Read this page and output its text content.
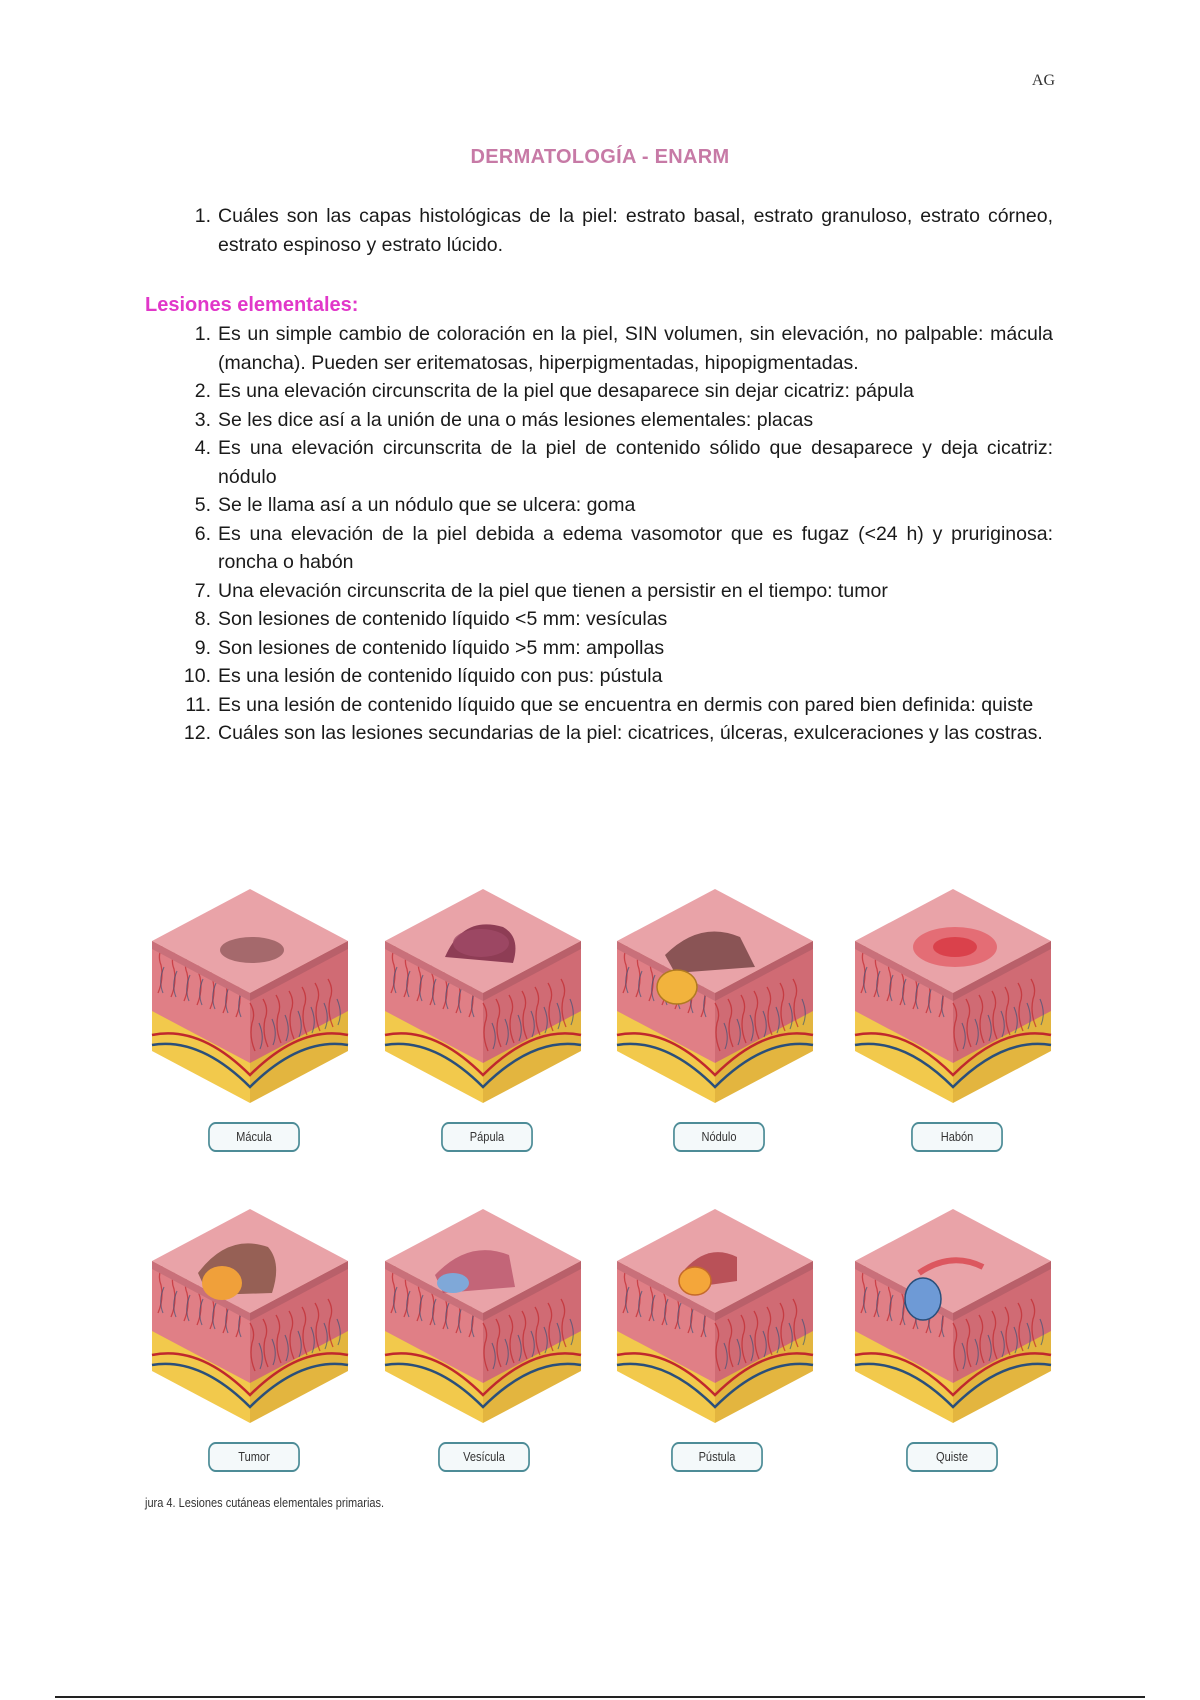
AG
DERMATOLOGÍA - ENARM
1. Cuáles son las capas histológicas de la piel: estrato basal, estrato granuloso, estrato córneo, estrato espinoso y estrato lúcido.
Lesiones elementales:
1. Es un simple cambio de coloración en la piel, SIN volumen, sin elevación, no palpable: mácula (mancha). Pueden ser eritematosas, hiperpigmentadas, hipopigmentadas.
2. Es una elevación circunscrita de la piel que desaparece sin dejar cicatriz: pápula
3. Se les dice así a la unión de una o más lesiones elementales: placas
4. Es una elevación circunscrita de la piel de contenido sólido que desaparece y deja cicatriz: nódulo
5. Se le llama así a un nódulo que se ulcera: goma
6. Es una elevación de la piel debida a edema vasomotor que es fugaz (<24 h) y pruriginosa: roncha o habón
7. Una elevación circunscrita de la piel que tienen a persistir en el tiempo: tumor
8. Son lesiones de contenido líquido <5 mm: vesículas
9. Son lesiones de contenido líquido >5 mm: ampollas
10. Es una lesión de contenido líquido con pus: pústula
11. Es una lesión de contenido líquido que se encuentra en dermis con pared bien definida: quiste
12. Cuáles son las lesiones secundarias de la piel: cicatrices, úlceras, exulceraciones y las costras.
Mácula	Pápula	Nódulo	Habón
Tumor	Vesícula	Pústula	Quiste
jura 4. Lesiones cutáneas elementales primarias.
